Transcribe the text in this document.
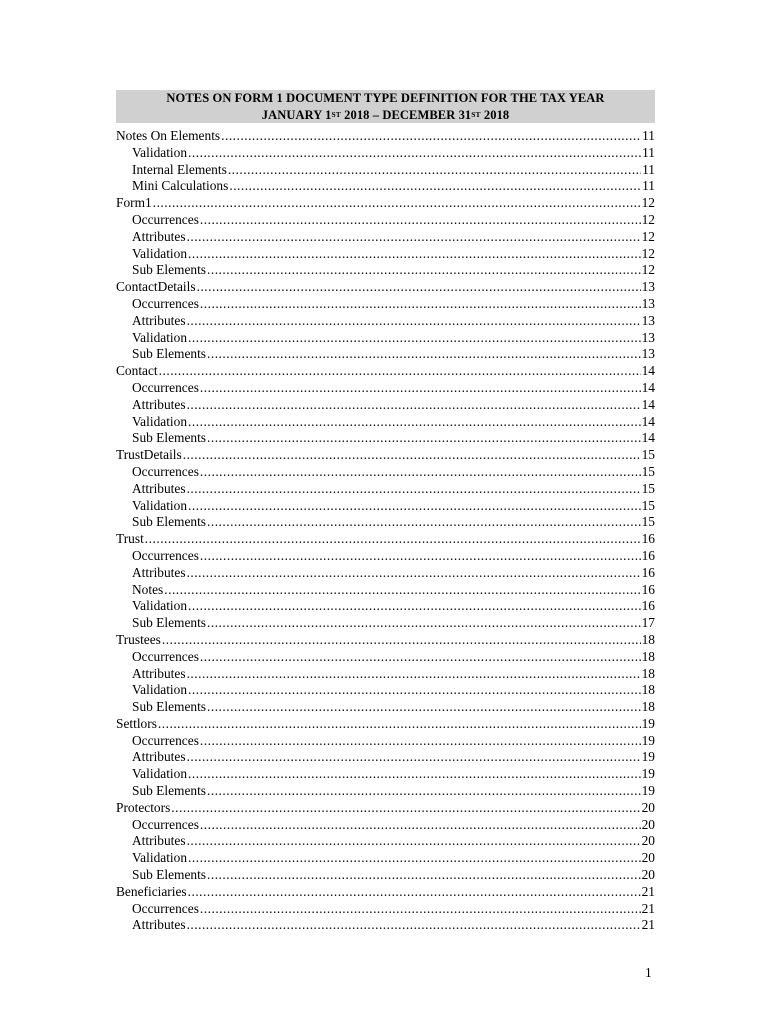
NOTES ON FORM 1 DOCUMENT TYPE DEFINITION FOR THE TAX YEAR
JANUARY 1ST 2018 – DECEMBER 31ST 2018
Notes On Elements .....	11
Validation .....	11
Internal Elements .....	11
Mini Calculations .....	11
Form1 .....	12
Occurrences .....	12
Attributes .....	12
Validation .....	12
Sub Elements .....	12
ContactDetails .....	13
Occurrences .....	13
Attributes .....	13
Validation .....	13
Sub Elements .....	13
Contact .....	14
Occurrences .....	14
Attributes .....	14
Validation .....	14
Sub Elements .....	14
TrustDetails .....	15
Occurrences .....	15
Attributes .....	15
Validation .....	15
Sub Elements .....	15
Trust .....	16
Occurrences .....	16
Attributes .....	16
Notes .....	16
Validation .....	16
Sub Elements .....	17
Trustees .....	18
Occurrences .....	18
Attributes .....	18
Validation .....	18
Sub Elements .....	18
Settlors .....	19
Occurrences .....	19
Attributes .....	19
Validation .....	19
Sub Elements .....	19
Protectors .....	20
Occurrences .....	20
Attributes .....	20
Validation .....	20
Sub Elements .....	20
Beneficiaries .....	21
Occurrences .....	21
Attributes .....	21
1
